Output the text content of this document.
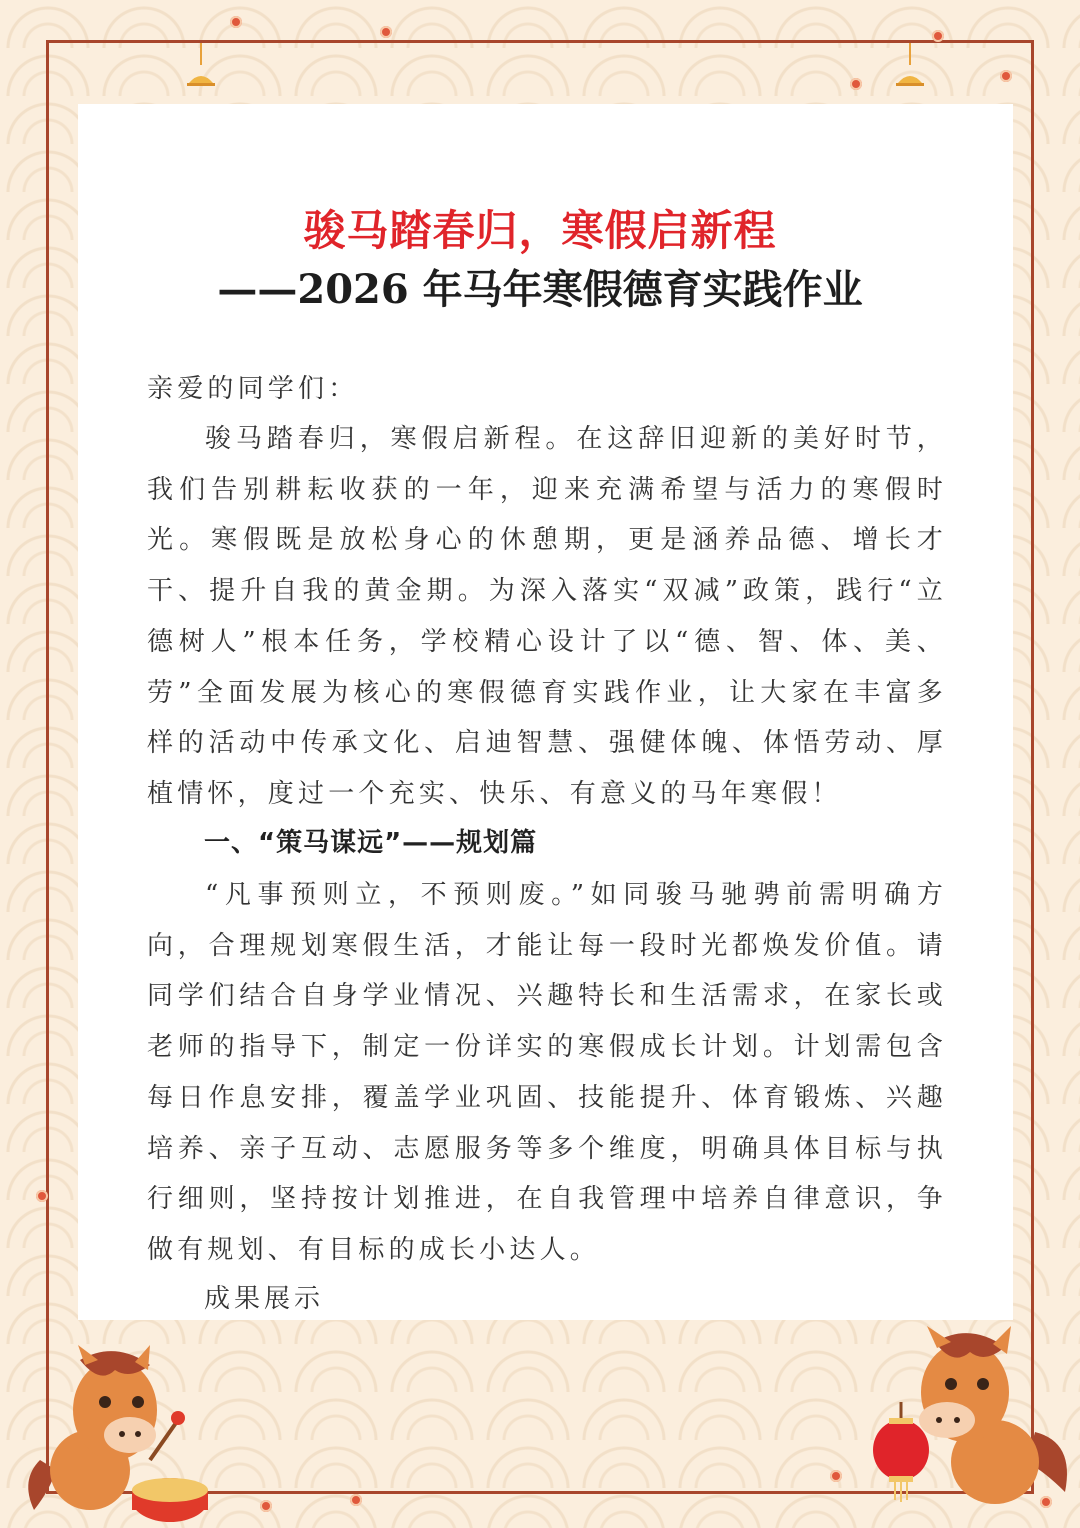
骏马踏春归，寒假启新程
——2026 年马年寒假德育实践作业
亲爱的同学们：
骏马踏春归，寒假启新程。在这辞旧迎新的美好时节，我们告别耕耘收获的一年，迎来充满希望与活力的寒假时光。寒假既是放松身心的休憩期，更是涵养品德、增长才干、提升自我的黄金期。为深入落实“双减”政策，践行“立德树人”根本任务，学校精心设计了以“德、智、体、美、劳”全面发展为核心的寒假德育实践作业，让大家在丰富多样的活动中传承文化、启迪智慧、强健体魄、体悟劳动、厚植情怀，度过一个充实、快乐、有意义的马年寒假！
一、“策马谋远”——规划篇
“凡事预则立，不预则废。”如同骏马驰骋前需明确方向，合理规划寒假生活，才能让每一段时光都焕发价值。请同学们结合自身学业情况、兴趣特长和生活需求，在家长或老师的指导下，制定一份详实的寒假成长计划。计划需包含每日作息安排，覆盖学业巩固、技能提升、体育锻炼、兴趣培养、亲子互动、志愿服务等多个维度，明确具体目标与执行细则，坚持按计划推进，在自我管理中培养自律意识，争做有规划、有目标的成长小达人。
成果展示
